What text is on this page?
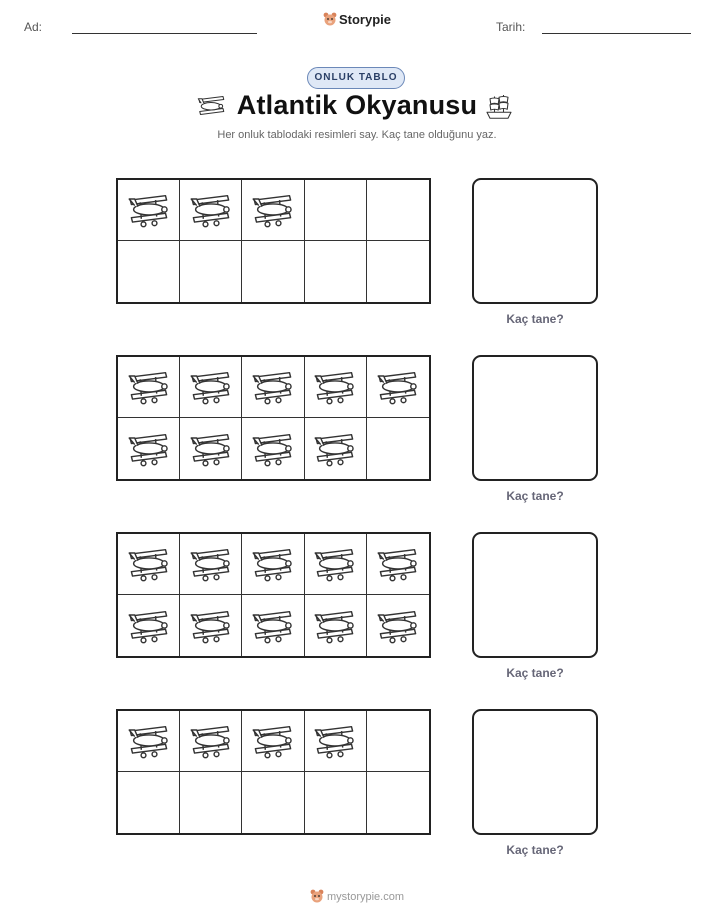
Ad:	Storypie	Tarih:
ONLUK TABLO
Atlantik Okyanusu
Her onluk tablodaki resimleri say. Kaç tane olduğunu yaz.
Kaç tane?
Kaç tane?
Kaç tane?
Kaç tane?
mystorypie.com
